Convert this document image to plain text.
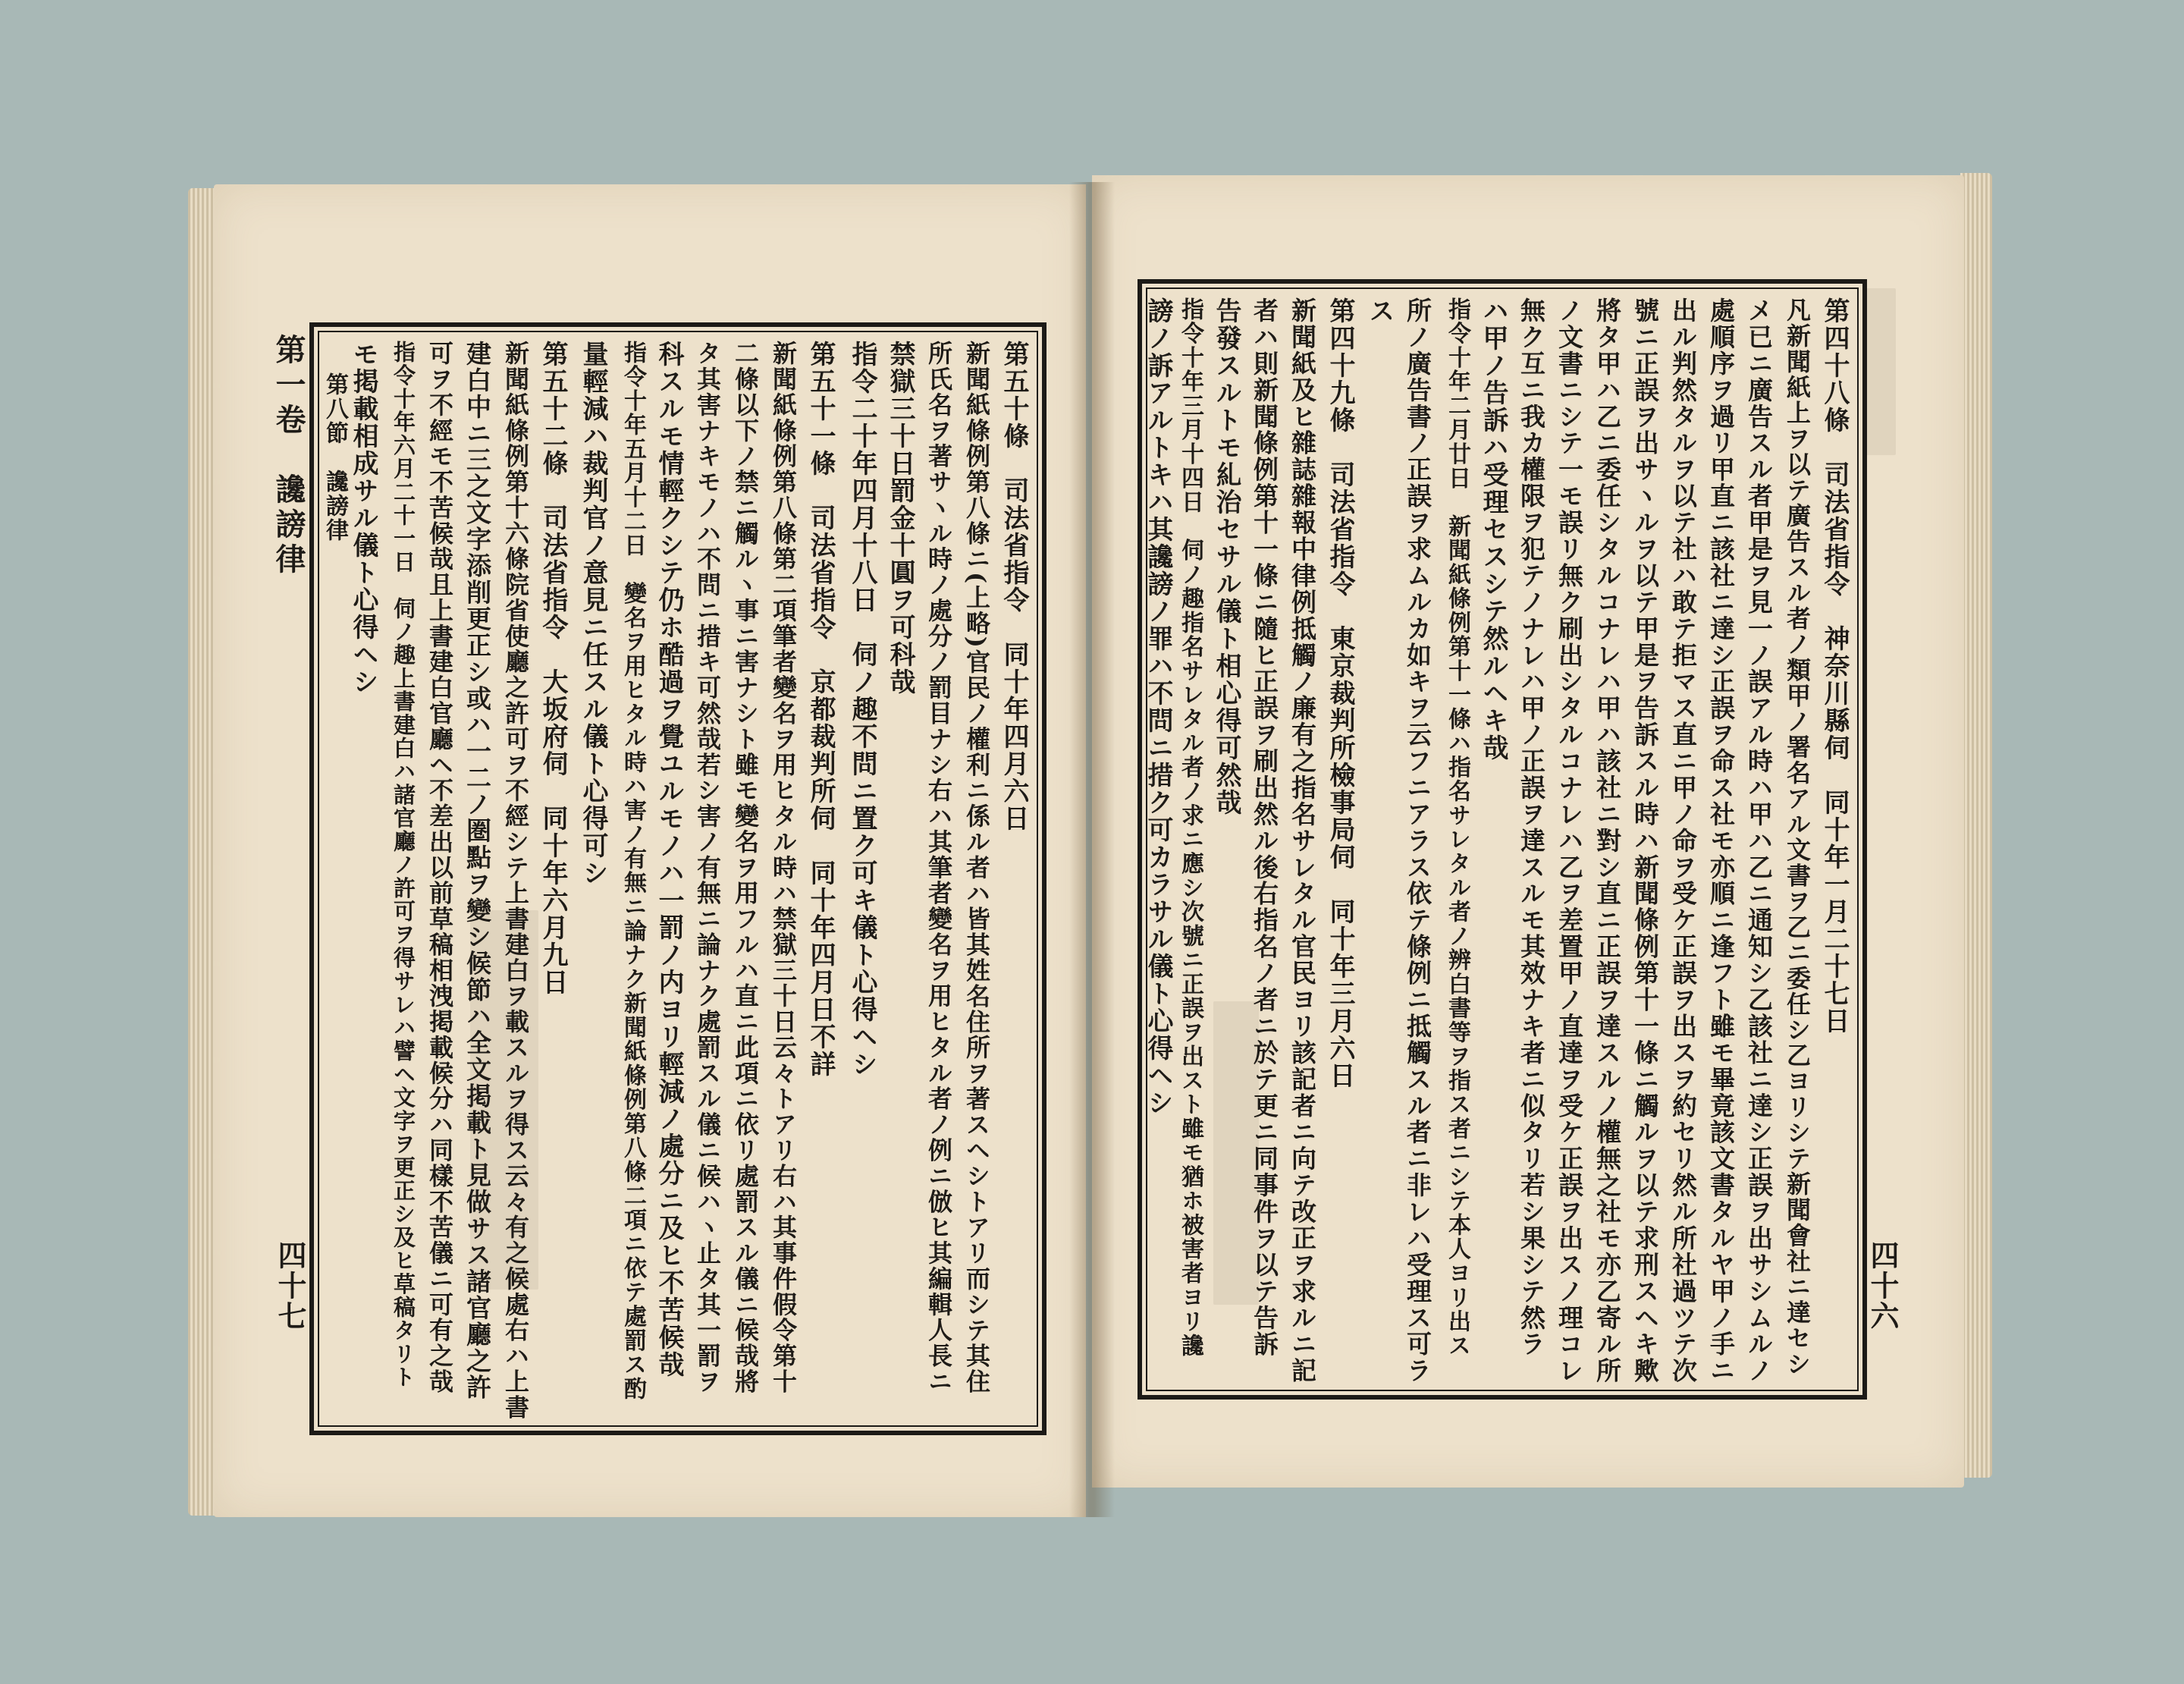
第一卷　讒謗律
四十七	四十六
第五十條　司法省指令　同十年四月六日
新聞紙條例第八條ニ(上略)官民ノ權利ニ係ル者ハ皆其姓名住所ヲ著スヘシトアリ而シテ其住
所氏名ヲ著サヽル時ノ處分ノ罰目ナシ右ハ其筆者變名ヲ用ヒタル者ノ例ニ倣ヒ其編輯人長ニ
禁獄三十日罰金十圓ヲ可科哉
指令二十年四月十八日　伺ノ趣不問ニ置ク可キ儀ト心得ヘシ
第五十一條　司法省指令　京都裁判所伺　同十年四月日不詳
新聞紙條例第八條第二項筆者變名ヲ用ヒタル時ハ禁獄三十日云々トアリ右ハ其事件假令第十
二條以下ノ禁ニ觸ルヽ事ニ害ナシト雖モ變名ヲ用フルハ直ニ此項ニ依リ處罰スル儀ニ候哉將
タ其害ナキモノハ不問ニ措キ可然哉若シ害ノ有無ニ論ナク處罰スル儀ニ候ハヽ止タ其一罰ヲ
科スルモ情輕クシテ仍ホ酷過ヲ覺ユルモノハ一罰ノ内ヨリ輕減ノ處分ニ及ヒ不苦候哉
指令十年五月十二日　變名ヲ用ヒタル時ハ害ノ有無ニ論ナク新聞紙條例第八條二項ニ依テ處罰ス酌
量輕減ハ裁判官ノ意見ニ任スル儀ト心得可シ
第五十二條　司法省指令　大坂府伺　同十年六月九日
新聞紙條例第十六條院省使廳之許可ヲ不經シテ上書建白ヲ載スルヲ得ス云々有之候處右ハ上書
建白中ニ三之文字添削更正シ或ハ一二ノ圏點ヲ變シ候節ハ全文掲載ト見做サス諸官廳之許
可ヲ不經モ不苦候哉且上書建白官廳ヘ不差出以前草稿相洩掲載候分ハ同樣不苦儀ニ可有之哉
指令十年六月二十一日　伺ノ趣上書建白ハ諸官廳ノ許可ヲ得サレハ譬ヘ文字ヲ更正シ及ヒ草稿タリト
モ掲載相成サル儀ト心得ヘシ
第八節　讒謗律	第四十八條　司法省指令　神奈川縣伺　同十年一月二十七日
凡新聞紙上ヲ以テ廣告スル者ノ類甲ノ署名アル文書ヲ乙ニ委任シ乙ヨリシテ新聞會社ニ達セシ
メ已ニ廣告スル者甲是ヲ見一ノ誤アル時ハ甲ハ乙ニ通知シ乙該社ニ達シ正誤ヲ出サシムルノ
處順序ヲ過リ甲直ニ該社ニ達シ正誤ヲ命ス社モ亦順ニ逢フト雖モ畢竟該文書タルヤ甲ノ手ニ
出ル判然タルヲ以テ社ハ敢テ拒マス直ニ甲ノ命ヲ受ケ正誤ヲ出スヲ約セリ然ル所社過ツテ次
號ニ正誤ヲ出サヽルヲ以テ甲是ヲ告訴スル時ハ新聞條例第十一條ニ觸ルヲ以テ求刑スヘキ歟
將タ甲ハ乙ニ委任シタルコナレハ甲ハ該社ニ對シ直ニ正誤ヲ達スルノ權無之社モ亦乙寄ル所
ノ文書ニシテ一モ誤リ無ク刷出シタルコナレハ乙ヲ差置甲ノ直達ヲ受ケ正誤ヲ出スノ理コレ
無ク互ニ我カ權限ヲ犯テノナレハ甲ノ正誤ヲ達スルモ其效ナキ者ニ似タリ若シ果シテ然ラ
ハ甲ノ告訴ハ受理セスシテ然ルヘキ哉
指令十年二月廿日　新聞紙條例第十一條ハ指名サレタル者ノ辨白書等ヲ指ス者ニシテ本人ヨリ出ス
所ノ廣告書ノ正誤ヲ求ムルカ如キヲ云フニアラス依テ條例ニ抵觸スル者ニ非レハ受理ス可ラ
ス
第四十九條　司法省指令　東京裁判所檢事局伺　同十年三月六日
新聞紙及ヒ雜誌雜報中律例抵觸ノ廉有之指名サレタル官民ヨリ該記者ニ向テ改正ヲ求ルニ記
者ハ則新聞條例第十一條ニ隨ヒ正誤ヲ刷出然ル後右指名ノ者ニ於テ更ニ同事件ヲ以テ告訴
告發スルトモ糺治セサル儀ト相心得可然哉
指令十年三月十四日　伺ノ趣指名サレタル者ノ求ニ應シ次號ニ正誤ヲ出スト雖モ猶ホ被害者ヨリ讒
謗ノ訴アルトキハ其讒謗ノ罪ハ不問ニ措ク可カラサル儀ト心得ヘシ
